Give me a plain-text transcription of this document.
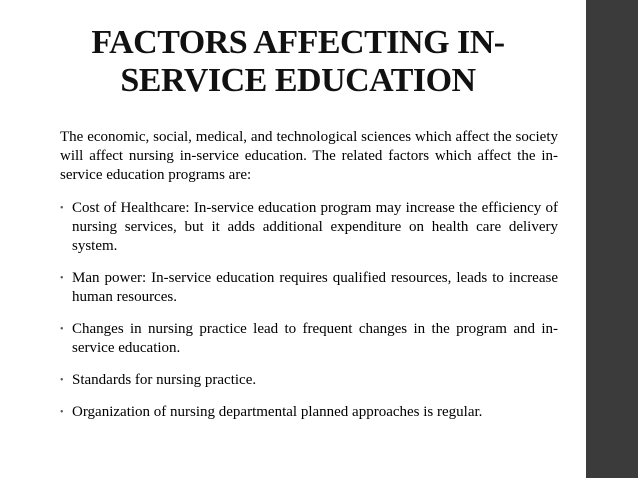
FACTORS AFFECTING IN-
SERVICE EDUCATION

The economic, social, medical, and technological sciences which affect the society will affect nursing in-service education. The related factors which affect the in-service education programs are:

• Cost of Healthcare: In-service education program may increase the efficiency of nursing services, but it adds additional expenditure on health care delivery system.
• Man power: In-service education requires qualified resources, leads to increase human resources.
• Changes in nursing practice lead to frequent changes in the program and in-service education.
• Standards for nursing practice.
• Organization of nursing departmental planned approaches is regular.
